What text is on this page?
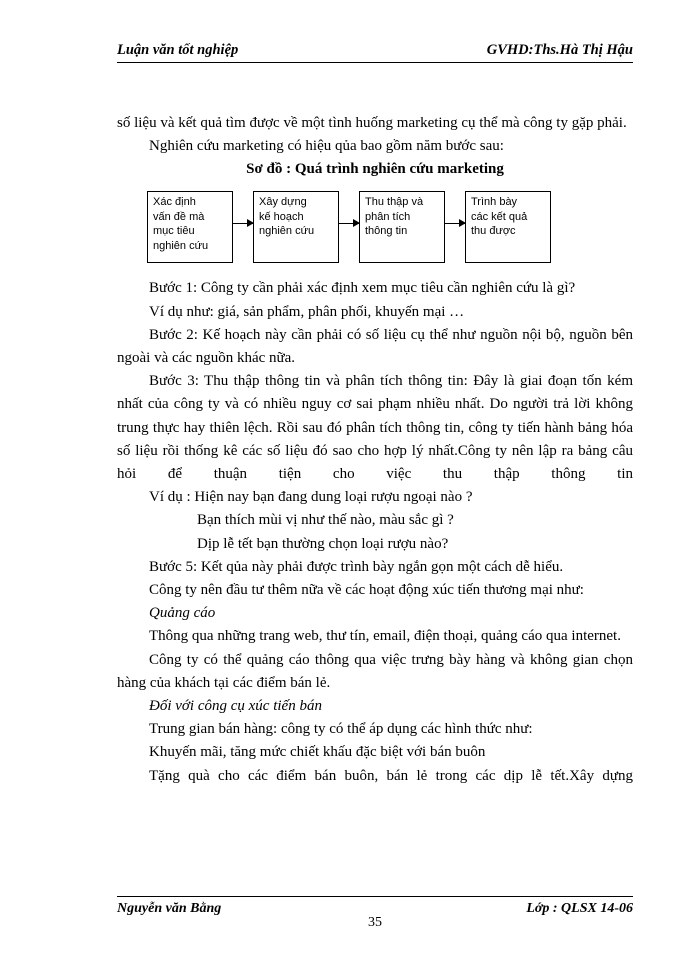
Luận văn tốt nghiệp	GVHD:Ths.Hà Thị Hậu

số liệu và kết quả tìm được về một tình huống marketing cụ thể mà công ty gặp phải.

Nghiên cứu marketing có hiệu qủa bao gồm năm bước sau:

Sơ đồ : Quá trình nghiên cứu marketing

Xác định
vấn đề mà
mục tiêu
nghiên cứu
Xây dựng
kế hoạch
nghiên cứu
Thu thập và
phân tích
thông tin
Trình bày
các kết quả
thu được

Bước 1: Công ty cần phải xác định xem mục tiêu cần nghiên cứu là gì?

Ví dụ như: giá, sản phẩm, phân phối, khuyến mại …

Bước 2: Kế hoạch này cần phải có số liệu cụ thể như nguồn nội bộ, nguồn bên ngoài và các nguồn khác nữa.

Bước 3: Thu thập thông tin và phân tích thông tin: Đây là giai đoạn tốn kém nhất của công ty và có nhiều nguy cơ sai phạm nhiều nhất. Do người trả lời không trung thực hay thiên lệch. Rồi sau đó phân tích thông tin, công ty tiến hành bảng hóa số liệu rồi thống kê các số liệu đó sao cho hợp lý nhất.Công ty nên lập ra bảng câu hỏi để thuận tiện cho việc thu thập thông tin

Ví dụ : Hiện nay bạn đang dung loại rượu ngoại nào ?

Bạn thích mùi vị như thế nào, màu sắc gì ?

Dịp lễ tết bạn thường chọn loại rượu nào?

Bước 5: Kết qủa này phải được trình bày ngắn gọn một cách dễ hiểu.

Công ty nên đầu tư thêm nữa về các hoạt động xúc tiến thương mại như:

Quảng cáo

Thông qua những trang web, thư tín, email, điện thoại, quảng cáo qua internet.

Công ty có thể quảng cáo thông qua việc trưng bày hàng và không gian chọn hàng của khách tại các điểm bán lẻ.

Đối với công cụ xúc tiến bán

Trung gian bán hàng: công ty có thể áp dụng các hình thức như:

Khuyến mãi, tăng mức chiết khấu đặc biệt với bán buôn

Tặng quà cho các điểm bán buôn, bán lẻ trong các dịp lễ tết.Xây dựng

Nguyễn văn Bằng	Lớp : QLSX 14-06
35
